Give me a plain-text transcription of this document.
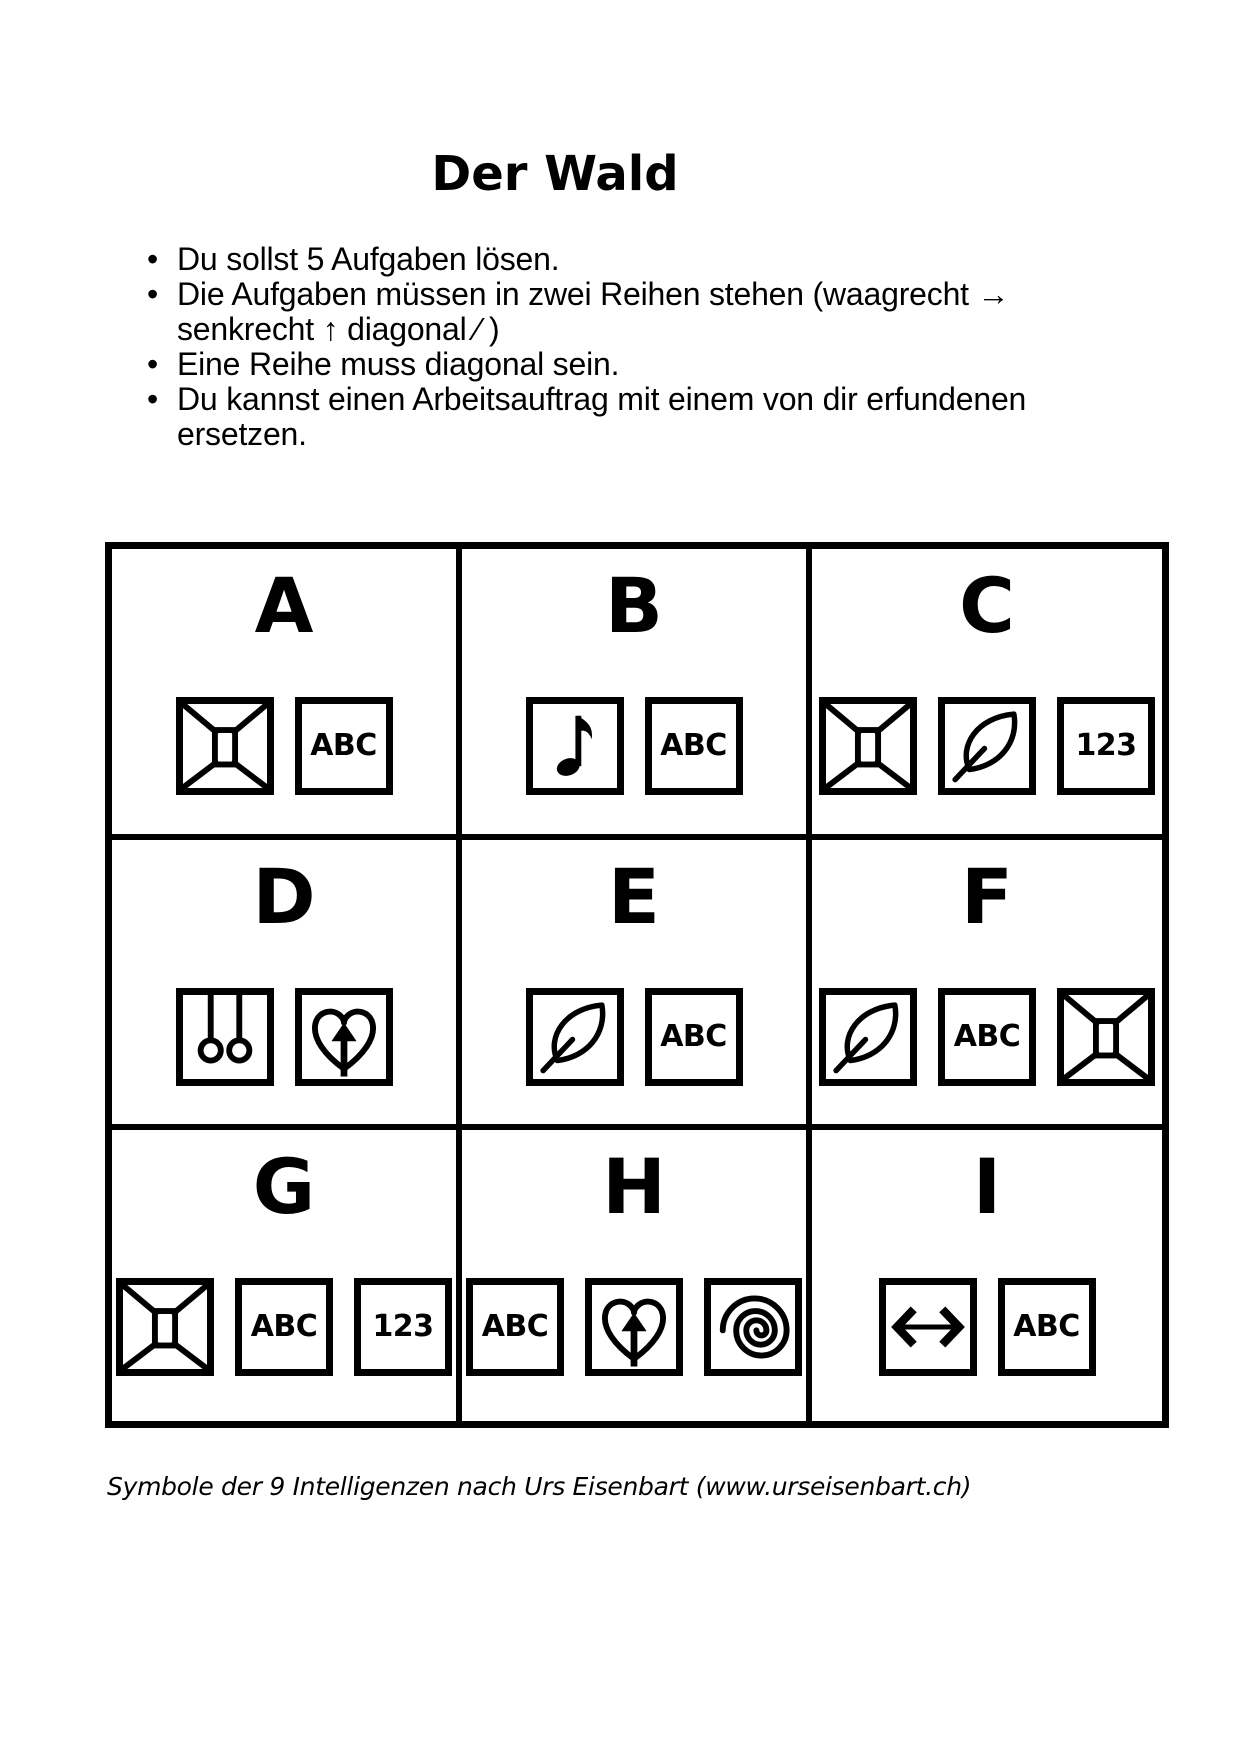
Der Wald
• Du sollst 5 Aufgaben lösen.
• Die Aufgaben müssen in zwei Reihen stehen (waagrecht →
senkrecht ↑ diagonal ∕ )
• Eine Reihe muss diagonal sein.
• Du kannst einen Arbeitsauftrag mit einem von dir erfundenen
ersetzen.
A
ABC
B
ABC
C
123
D	E
ABC
F
ABC
G
ABC 123
H
ABC
I
ABC
Symbole der 9 Intelligenzen nach Urs Eisenbart (www.urseisenbart.ch)
